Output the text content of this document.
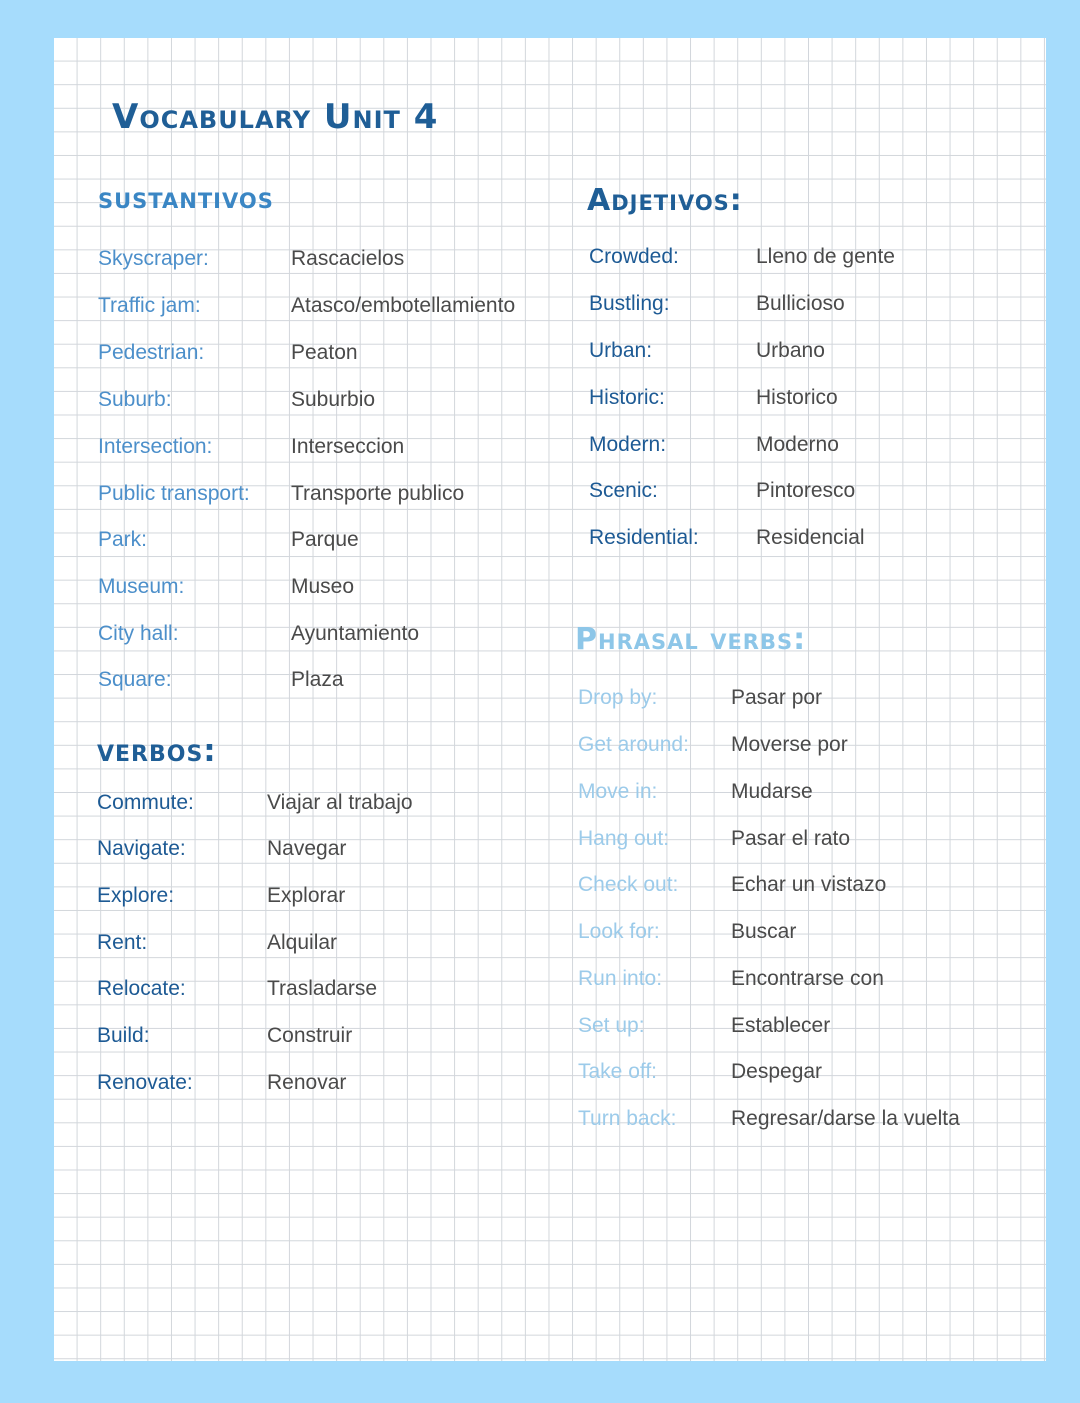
Vocabulary Unit 4
sustantivos
Skyscraper:	Rascacielos
Traffic jam:	Atasco/embotellamiento
Pedestrian:	Peaton
Suburb:	Suburbio
Intersection:	Interseccion
Public transport: Transporte publico
Park:	Parque
Museum:	Museo
City hall:	Ayuntamiento
Square:	Plaza
Adjetivos:
Crowded:	Lleno de gente
Bustling:	Bullicioso
Urban:	Urbano
Historic:	Historico
Modern:	Moderno
Scenic:	Pintoresco
Residential:	Residencial
Phrasal verbs:
Drop by:	Pasar por
Get around: Moverse por
Move in:	Mudarse
Hang out:	Pasar el rato
Check out:	Echar un vistazo
Look for:	Buscar
Run into:	Encontrarse con
Set up:	Establecer
Take off:	Despegar
Turn back:	Regresar/darse la vuelta
verbos:
Commute:	Viajar al trabajo
Navigate:	Navegar
Explore:	Explorar
Rent:	Alquilar
Relocate:	Trasladarse
Build:	Construir
Renovate:	Renovar
